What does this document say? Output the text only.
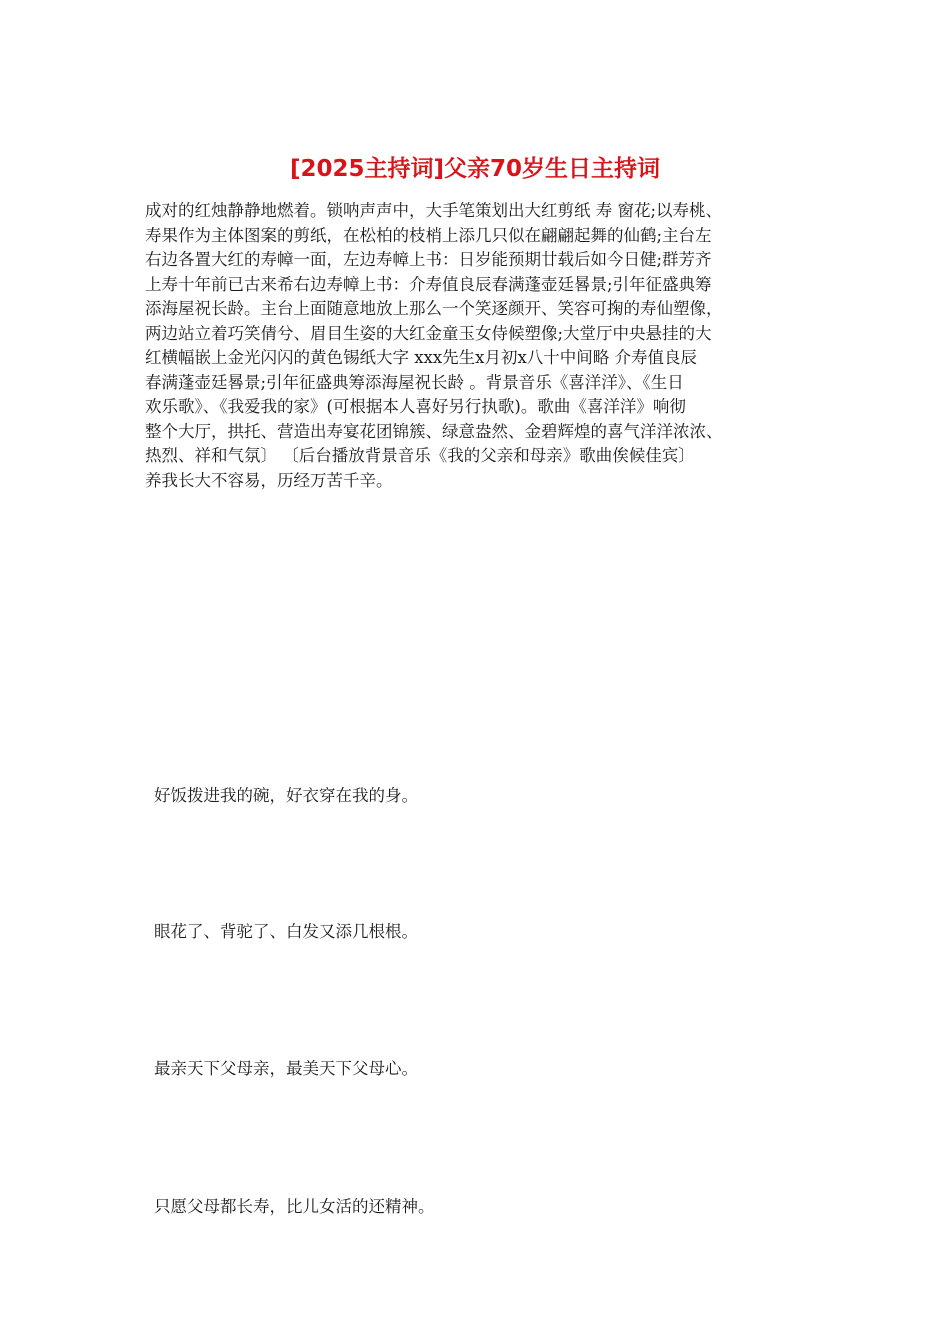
[2025主持词]父亲70岁生日主持词
成对的红烛静静地燃着。锁呐声声中，大手笔策划出大红剪纸 寿 窗花;以寿桃、
寿果作为主体图案的剪纸，在松柏的枝梢上添几只似在翩翩起舞的仙鹤;主台左
右边各置大红的寿幛一面，左边寿幛上书：日岁能预期廿载后如今日健;群芳齐
上寿十年前已古来希右边寿幛上书：介寿值良辰春满蓬壶廷晷景;引年征盛典筹
添海屋祝长龄。主台上面随意地放上那么一个笑逐颜开、笑容可掬的寿仙塑像，
两边站立着巧笑倩兮、眉目生姿的大红金童玉女侍候塑像;大堂厅中央悬挂的大
红横幅嵌上金光闪闪的黄色锡纸大字 xxx先生x月初x八十中间略 介寿值良辰
春满蓬壶廷晷景;引年征盛典筹添海屋祝长龄 。背景音乐《喜洋洋》、《生日
欢乐歌》、《我爱我的家》(可根据本人喜好另行执歌)。歌曲《喜洋洋》响彻
整个大厅，拱托、营造出寿宴花团锦簇、绿意盎然、金碧辉煌的喜气洋洋浓浓、
热烈、祥和气氛〕 〔后台播放背景音乐《我的父亲和母亲》歌曲俟候佳宾〕
养我长大不容易，历经万苦千辛。

好饭拨进我的碗，好衣穿在我的身。

眼花了、背驼了、白发又添几根根。

最亲天下父母亲，最美天下父母心。

只愿父母都长寿，比儿女活的还精神。
